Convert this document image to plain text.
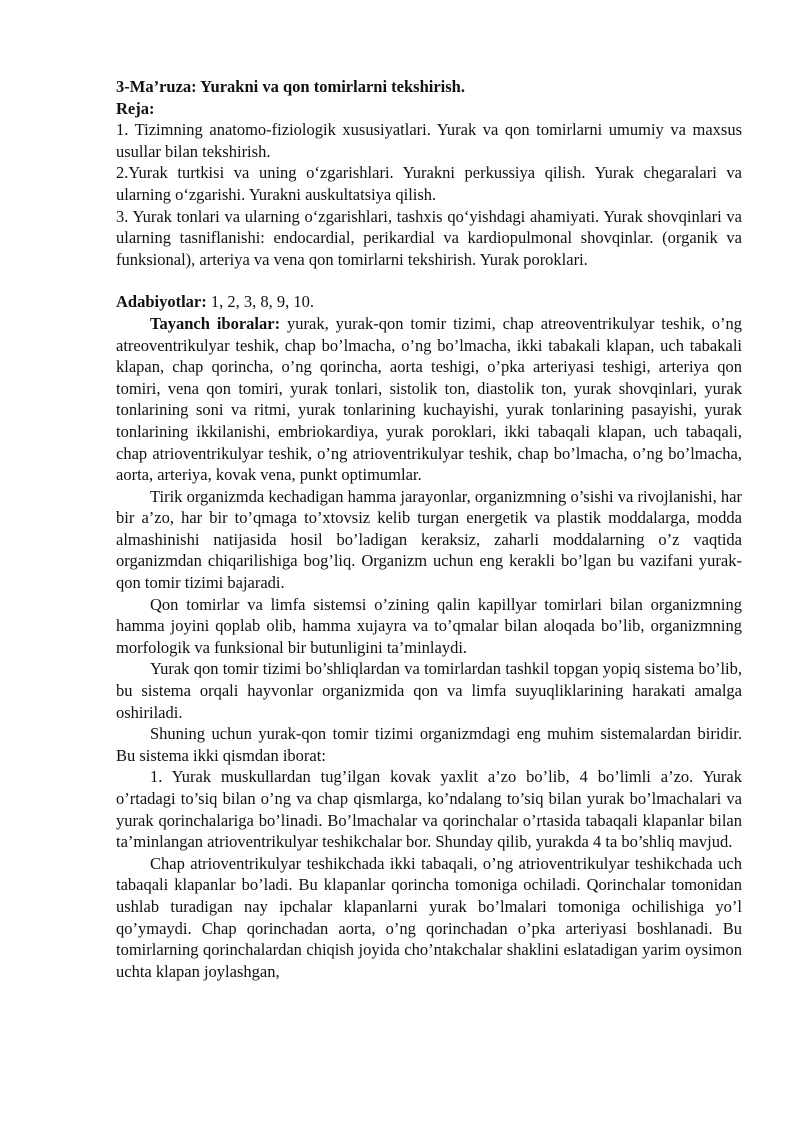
3-Ma’ruza: Yurakni va qon tomirlarni tekshirish.

Reja:

1. Tizimning anatomo-fiziologik xususiyatlari. Yurak va qon tomirlarni umumiy va maxsus usullar bilan tekshirish.

2.Yurak turtkisi va uning o‘zgarishlari. Yurakni perkussiya qilish. Yurak chegaralari va ularning o‘zgarishi. Yurakni auskultatsiya qilish.

3. Yurak tonlari va ularning o‘zgarishlari, tashxis qo‘yishdagi ahamiyati. Yurak shovqinlari va ularning tasniflanishi: endocardial, perikardial va kardiopulmonal shovqinlar. (organik va funksional), arteriya va vena qon tomirlarni tekshirish. Yurak poroklari.

Adabiyotlar: 1, 2, 3, 8, 9, 10.

Tayanch iboralar: yurak, yurak-qon tomir tizimi, chap atreoventrikulyar teshik, o’ng atreoventrikulyar teshik, chap bo’lmacha, o’ng bo’lmacha, ikki tabakali klapan, uch tabakali klapan, chap qorincha, o’ng qorincha, aorta teshigi, o’pka arteriyasi teshigi, arteriya qon tomiri, vena qon tomiri, yurak tonlari, sistolik ton, diastolik ton, yurak shovqinlari, yurak tonlarining soni va ritmi, yurak tonlarining kuchayishi, yurak tonlarining pasayishi, yurak tonlarining ikkilanishi, embriokardiya, yurak poroklari, ikki tabaqali klapan, uch tabaqali, chap atrioventrikulyar teshik, o’ng atrioventrikulyar teshik, chap bo’lmacha, o’ng bo’lmacha, aorta, arteriya, kovak vena, punkt optimumlar.

Tirik organizmda kechadigan hamma jarayonlar, organizmning o’sishi va rivojlanishi, har bir a’zo, har bir to’qmaga to’xtovsiz kelib turgan energetik va plastik moddalarga, modda almashinishi natijasida hosil bo’ladigan keraksiz, zaharli moddalarning o’z vaqtida organizmdan chiqarilishiga bog’liq. Organizm uchun eng kerakli bo’lgan bu vazifani yurak-qon tomir tizimi bajaradi.

Qon tomirlar va limfa sistemsi o’zining qalin kapillyar tomirlari bilan organizmning hamma joyini qoplab olib, hamma xujayra va to’qmalar bilan aloqada bo’lib, organizmning morfologik va funksional bir butunligini ta’minlaydi.

Yurak qon tomir tizimi bo’shliqlardan va tomirlardan tashkil topgan yopiq sistema bo’lib, bu sistema orqali hayvonlar organizmida qon va limfa suyuqliklarining harakati amalga oshiriladi.

Shuning uchun yurak-qon tomir tizimi organizmdagi eng muhim sistemalardan biridir. Bu sistema ikki qismdan iborat:

1. Yurak muskullardan tug’ilgan kovak yaxlit a’zo bo’lib, 4 bo’limli a’zo. Yurak o’rtadagi to’siq bilan o’ng va chap qismlarga, ko’ndalang to’siq bilan yurak bo’lmachalari va yurak qorinchalariga bo’linadi. Bo’lmachalar va qorinchalar o’rtasida tabaqali klapanlar bilan ta’minlangan atrioventrikulyar teshikchalar bor. Shunday qilib, yurakda 4 ta bo’shliq mavjud.

Chap atrioventrikulyar teshikchada ikki tabaqali, o’ng atrioventrikulyar teshikchada uch tabaqali klapanlar bo’ladi. Bu klapanlar qorincha tomoniga ochiladi. Qorinchalar tomonidan ushlab turadigan nay ipchalar klapanlarni yurak bo’lmalari tomoniga ochilishiga yo’l qo’ymaydi. Chap qorinchadan aorta, o’ng qorinchadan o’pka arteriyasi boshlanadi. Bu tomirlarning qorinchalardan chiqish joyida cho’ntakchalar shaklini eslatadigan yarim oysimon uchta klapan joylashgan,
